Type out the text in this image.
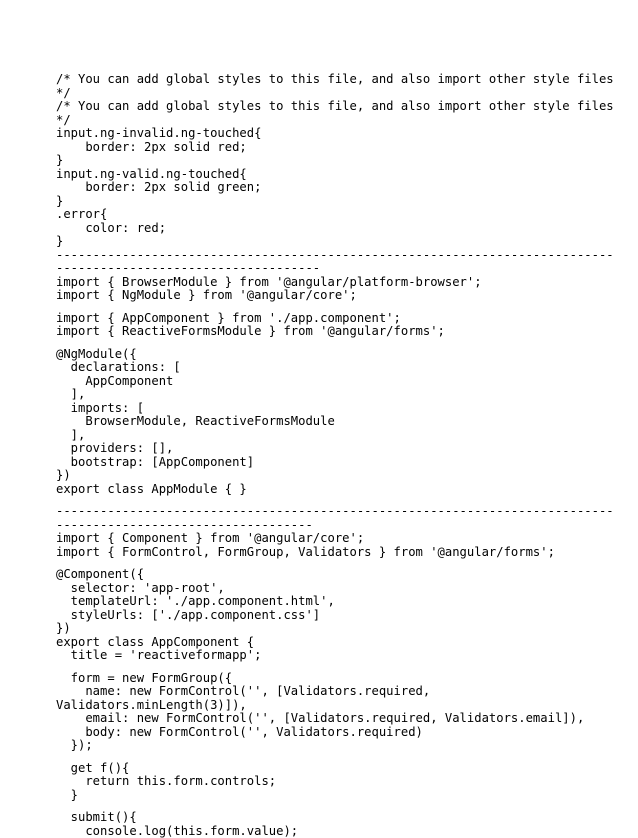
/* You can add global styles to this file, and also import other style files
*/
/* You can add global styles to this file, and also import other style files
*/
input.ng-invalid.ng-touched{
border: 2px solid red;
}
input.ng-valid.ng-touched{
border: 2px solid green;
}
.error{
color: red;
}
----------------------------------------------------------------------------
------------------------------------
import { BrowserModule } from '@angular/platform-browser';
import { NgModule } from '@angular/core';
import { AppComponent } from './app.component';
import { ReactiveFormsModule } from '@angular/forms';
@NgModule({
declarations: [
AppComponent
],
imports: [
BrowserModule, ReactiveFormsModule
],
providers: [],
bootstrap: [AppComponent]
})
export class AppModule { }
----------------------------------------------------------------------------
-----------------------------------
import { Component } from '@angular/core';
import { FormControl, FormGroup, Validators } from '@angular/forms';
@Component({
selector: 'app-root',
templateUrl: './app.component.html',
styleUrls: ['./app.component.css']
})
export class AppComponent {
title = 'reactiveformapp';
form = new FormGroup({
name: new FormControl('', [Validators.required,
Validators.minLength(3)]),
email: new FormControl('', [Validators.required, Validators.email]),
body: new FormControl('', Validators.required)
});
get f(){
return this.form.controls;
}
submit(){
console.log(this.form.value);
